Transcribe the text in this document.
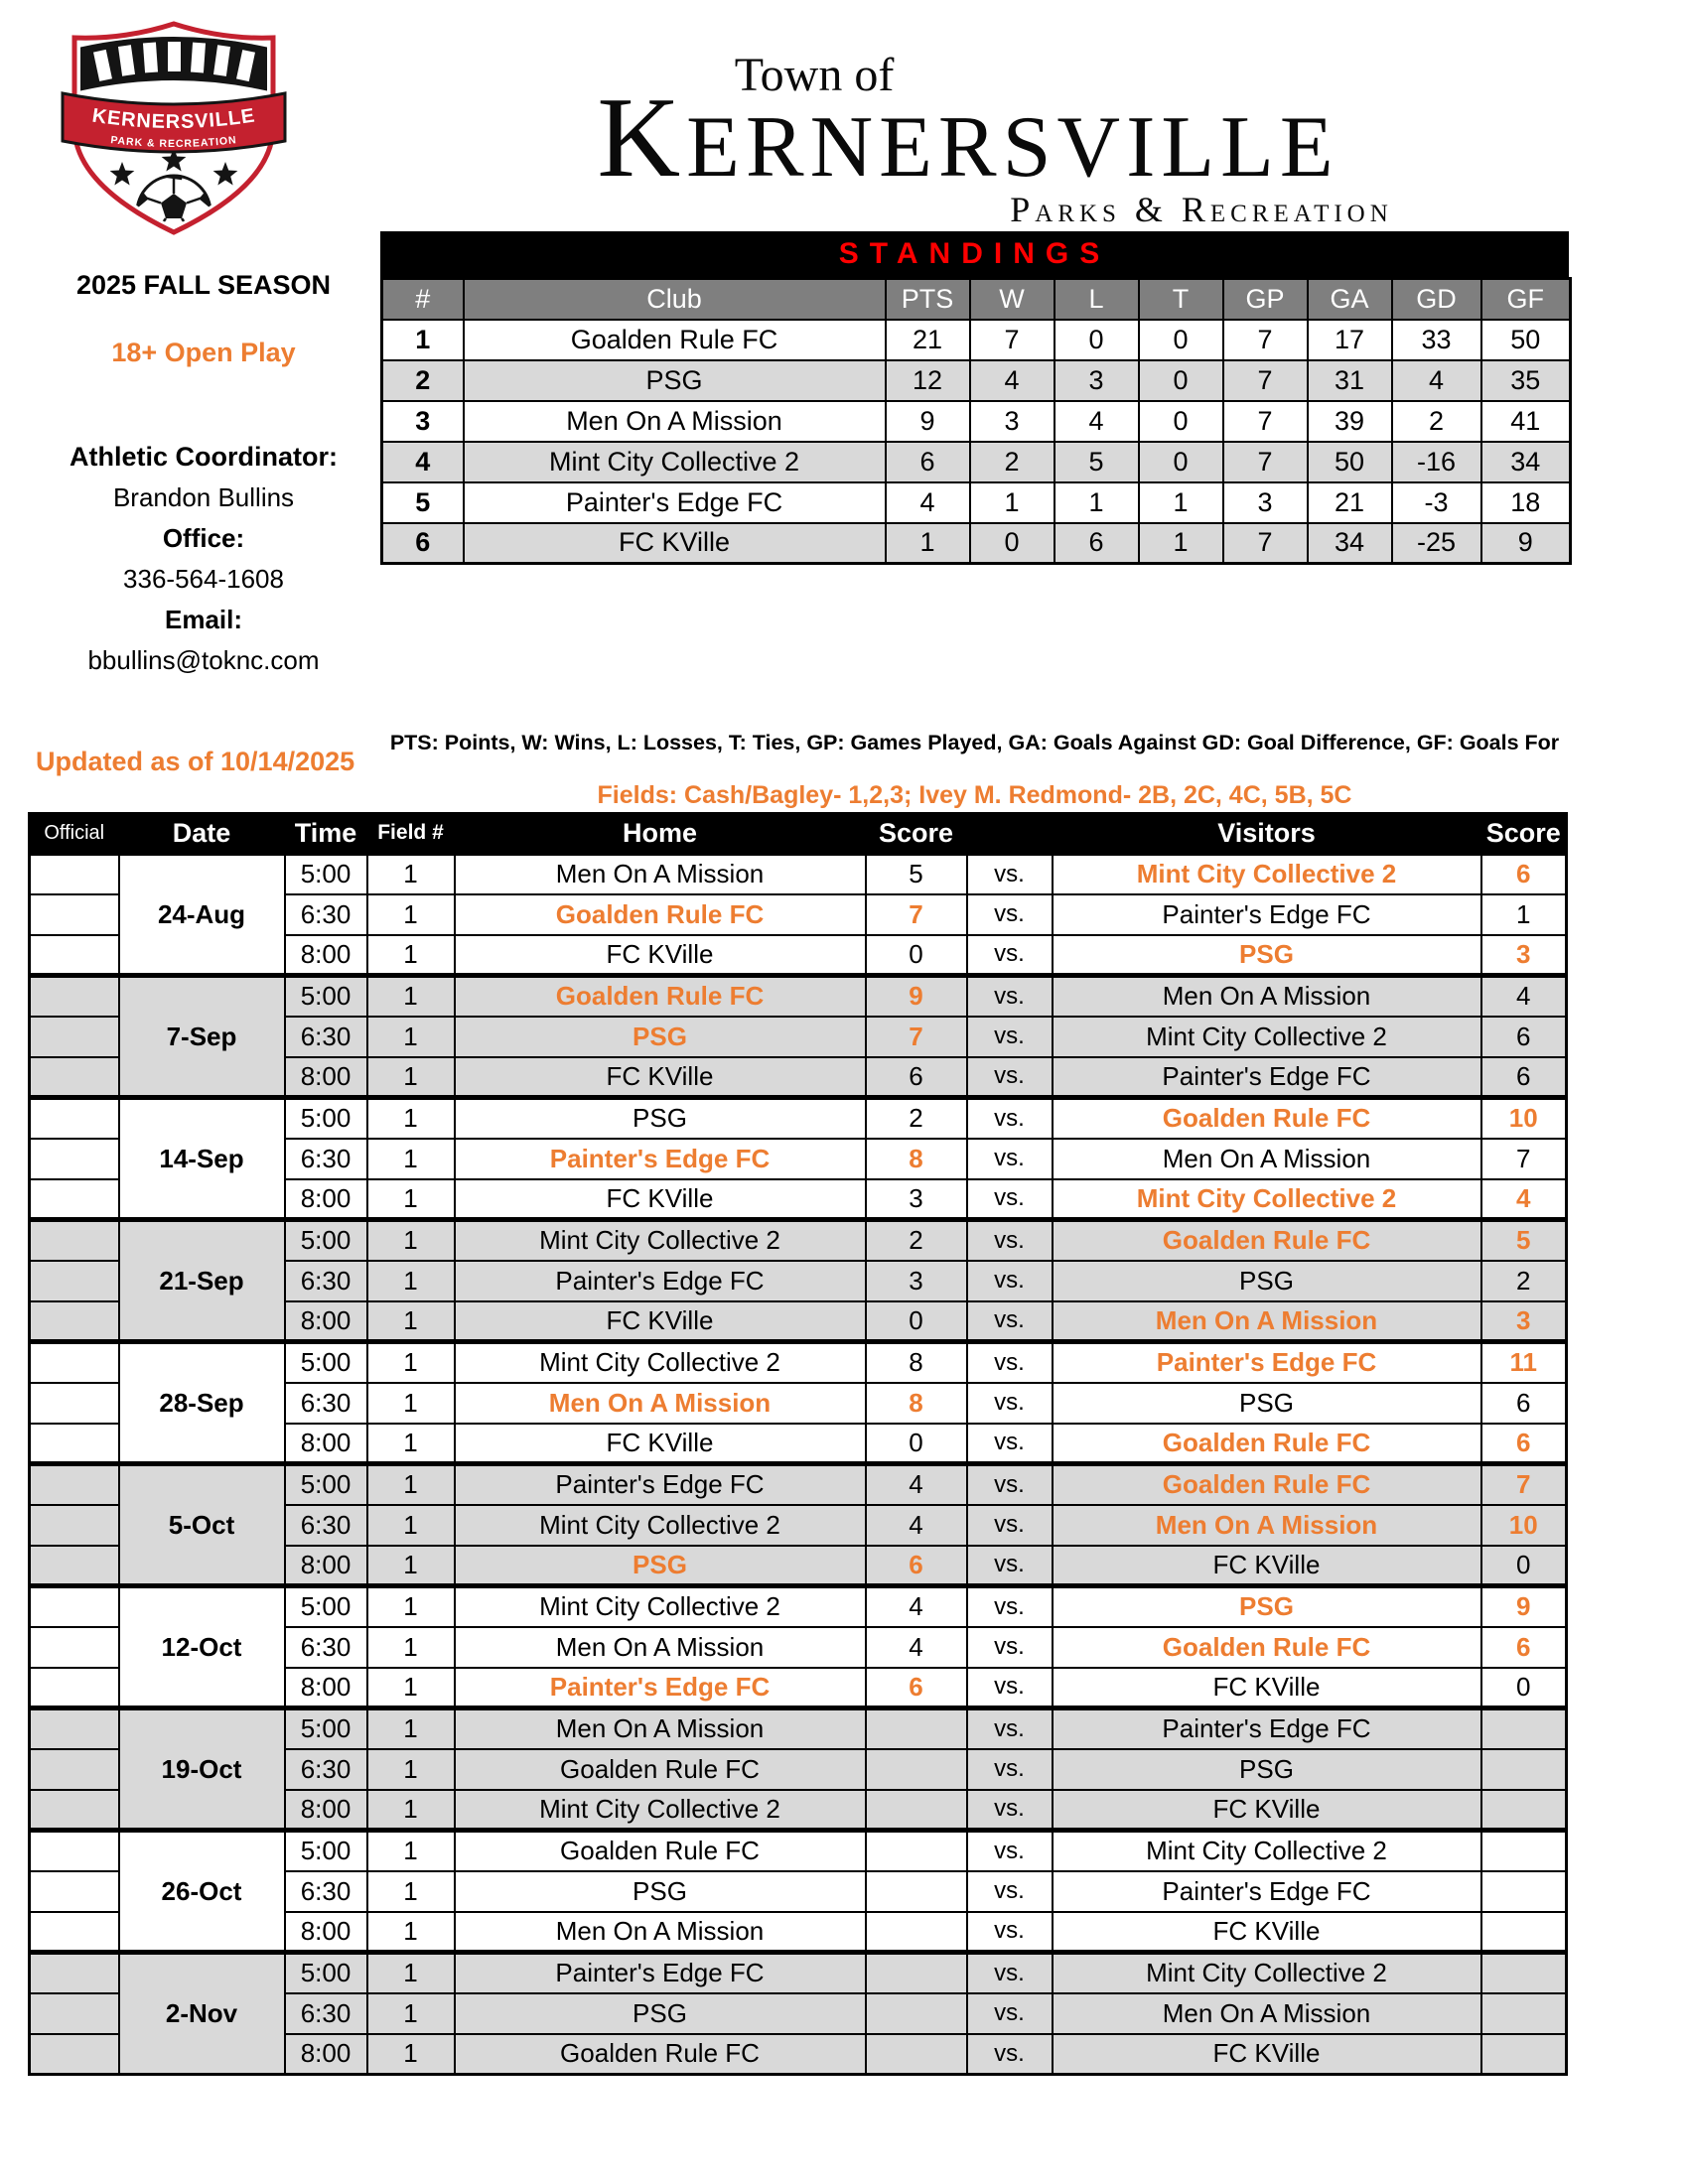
KERNERSVILLE
PARK & RECREATION
Town of
KERNERSVILLE
Parks & Recreation
STANDINGS
#	Club	PTS	W	L	T	GP	GA	GD	GF
1	Goalden Rule FC	21	7	0	0	7	17	33	50
2	PSG	12	4	3	0	7	31	4	35
3	Men On A Mission	9	3	4	0	7	39	2	41
4	Mint City Collective 2	6	2	5	0	7	50	-16	34
5	Painter's Edge FC	4	1	1	1	3	21	-3	18
6	FC KVille	1	0	6	1	7	34	-25	9
2025 FALL SEASON
18+ Open Play
Athletic Coordinator:
Brandon Bullins
Office:
336-564-1608
Email:
bbullins@toknc.com
PTS: Points, W: Wins, L: Losses, T: Ties, GP: Games Played, GA: Goals Against GD: Goal Difference, GF: Goals For
Updated as of 10/14/2025
Fields: Cash/Bagley- 1,2,3; Ivey M. Redmond- 2B, 2C, 4C, 5B, 5C
Official	Date	Time	Field #	Home	Score		Visitors	Score
	24-Aug	5:00	1	Men On A Mission	5	vs.	Mint City Collective 2	6
		6:30	1	Goalden Rule FC	7	vs.	Painter's Edge FC	1
		8:00	1	FC KVille	0	vs.	PSG	3
	7-Sep	5:00	1	Goalden Rule FC	9	vs.	Men On A Mission	4
		6:30	1	PSG	7	vs.	Mint City Collective 2	6
		8:00	1	FC KVille	6	vs.	Painter's Edge FC	6
	14-Sep	5:00	1	PSG	2	vs.	Goalden Rule FC	10
		6:30	1	Painter's Edge FC	8	vs.	Men On A Mission	7
		8:00	1	FC KVille	3	vs.	Mint City Collective 2	4
	21-Sep	5:00	1	Mint City Collective 2	2	vs.	Goalden Rule FC	5
		6:30	1	Painter's Edge FC	3	vs.	PSG	2
		8:00	1	FC KVille	0	vs.	Men On A Mission	3
	28-Sep	5:00	1	Mint City Collective 2	8	vs.	Painter's Edge FC	11
		6:30	1	Men On A Mission	8	vs.	PSG	6
		8:00	1	FC KVille	0	vs.	Goalden Rule FC	6
	5-Oct	5:00	1	Painter's Edge FC	4	vs.	Goalden Rule FC	7
		6:30	1	Mint City Collective 2	4	vs.	Men On A Mission	10
		8:00	1	PSG	6	vs.	FC KVille	0
	12-Oct	5:00	1	Mint City Collective 2	4	vs.	PSG	9
		6:30	1	Men On A Mission	4	vs.	Goalden Rule FC	6
		8:00	1	Painter's Edge FC	6	vs.	FC KVille	0
	19-Oct	5:00	1	Men On A Mission		vs.	Painter's Edge FC	
		6:30	1	Goalden Rule FC		vs.	PSG	
		8:00	1	Mint City Collective 2		vs.	FC KVille	
	26-Oct	5:00	1	Goalden Rule FC		vs.	Mint City Collective 2	
		6:30	1	PSG		vs.	Painter's Edge FC	
		8:00	1	Men On A Mission		vs.	FC KVille	
	2-Nov	5:00	1	Painter's Edge FC		vs.	Mint City Collective 2	
		6:30	1	PSG		vs.	Men On A Mission	
		8:00	1	Goalden Rule FC		vs.	FC KVille	
